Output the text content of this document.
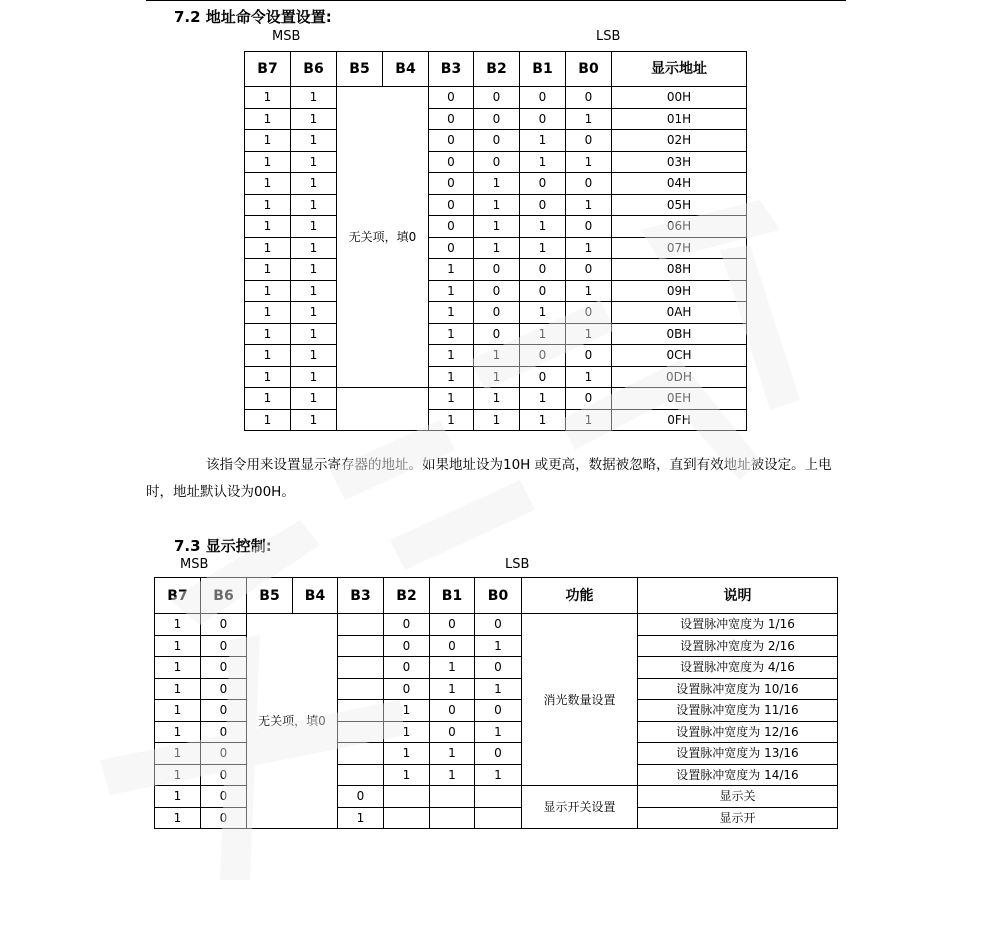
7.2 地址命令设置设置:
MSB	LSB
B7	B6	B5	B4	B3	B2	B1	B0	显示地址
1	1	无关项，填0		0	0	0	0	00H
1	1			0	0	0	1	01H
1	1			0	0	1	0	02H
1	1			0	0	1	1	03H
1	1			0	1	0	0	04H
1	1			0	1	0	1	05H
1	1			0	1	1	0	06H
1	1			0	1	1	1	07H
1	1			1	0	0	0	08H
1	1			1	0	0	1	09H
1	1			1	0	1	0	0AH
1	1			1	0	1	1	0BH
1	1			1	1	0	0	0CH
1	1			1	1	0	1	0DH
1	1			1	1	1	0	0EH
1	1			1	1	1	1	0FH
该指令用来设置显示寄存器的地址。如果地址设为10H 或更高，数据被忽略，直到有效地址被设定。上电时，地址默认设为00H。
7.3 显示控制:
MSB	LSB
B7	B6	B5	B4	B3	B2	B1	B0	功能	说明
1	0	无关项，填0			0	0	0	消光数量设置	设置脉冲宽度为 1/16
1	0				0	0	1		设置脉冲宽度为 2/16
1	0				0	1	0		设置脉冲宽度为 4/16
1	0				0	1	1		设置脉冲宽度为 10/16
1	0				1	0	0		设置脉冲宽度为 11/16
1	0				1	0	1		设置脉冲宽度为 12/16
1	0				1	1	0		设置脉冲宽度为 13/16
1	0				1	1	1		设置脉冲宽度为 14/16
1	0			0				显示开关设置	显示关
1	0			1					显示开
